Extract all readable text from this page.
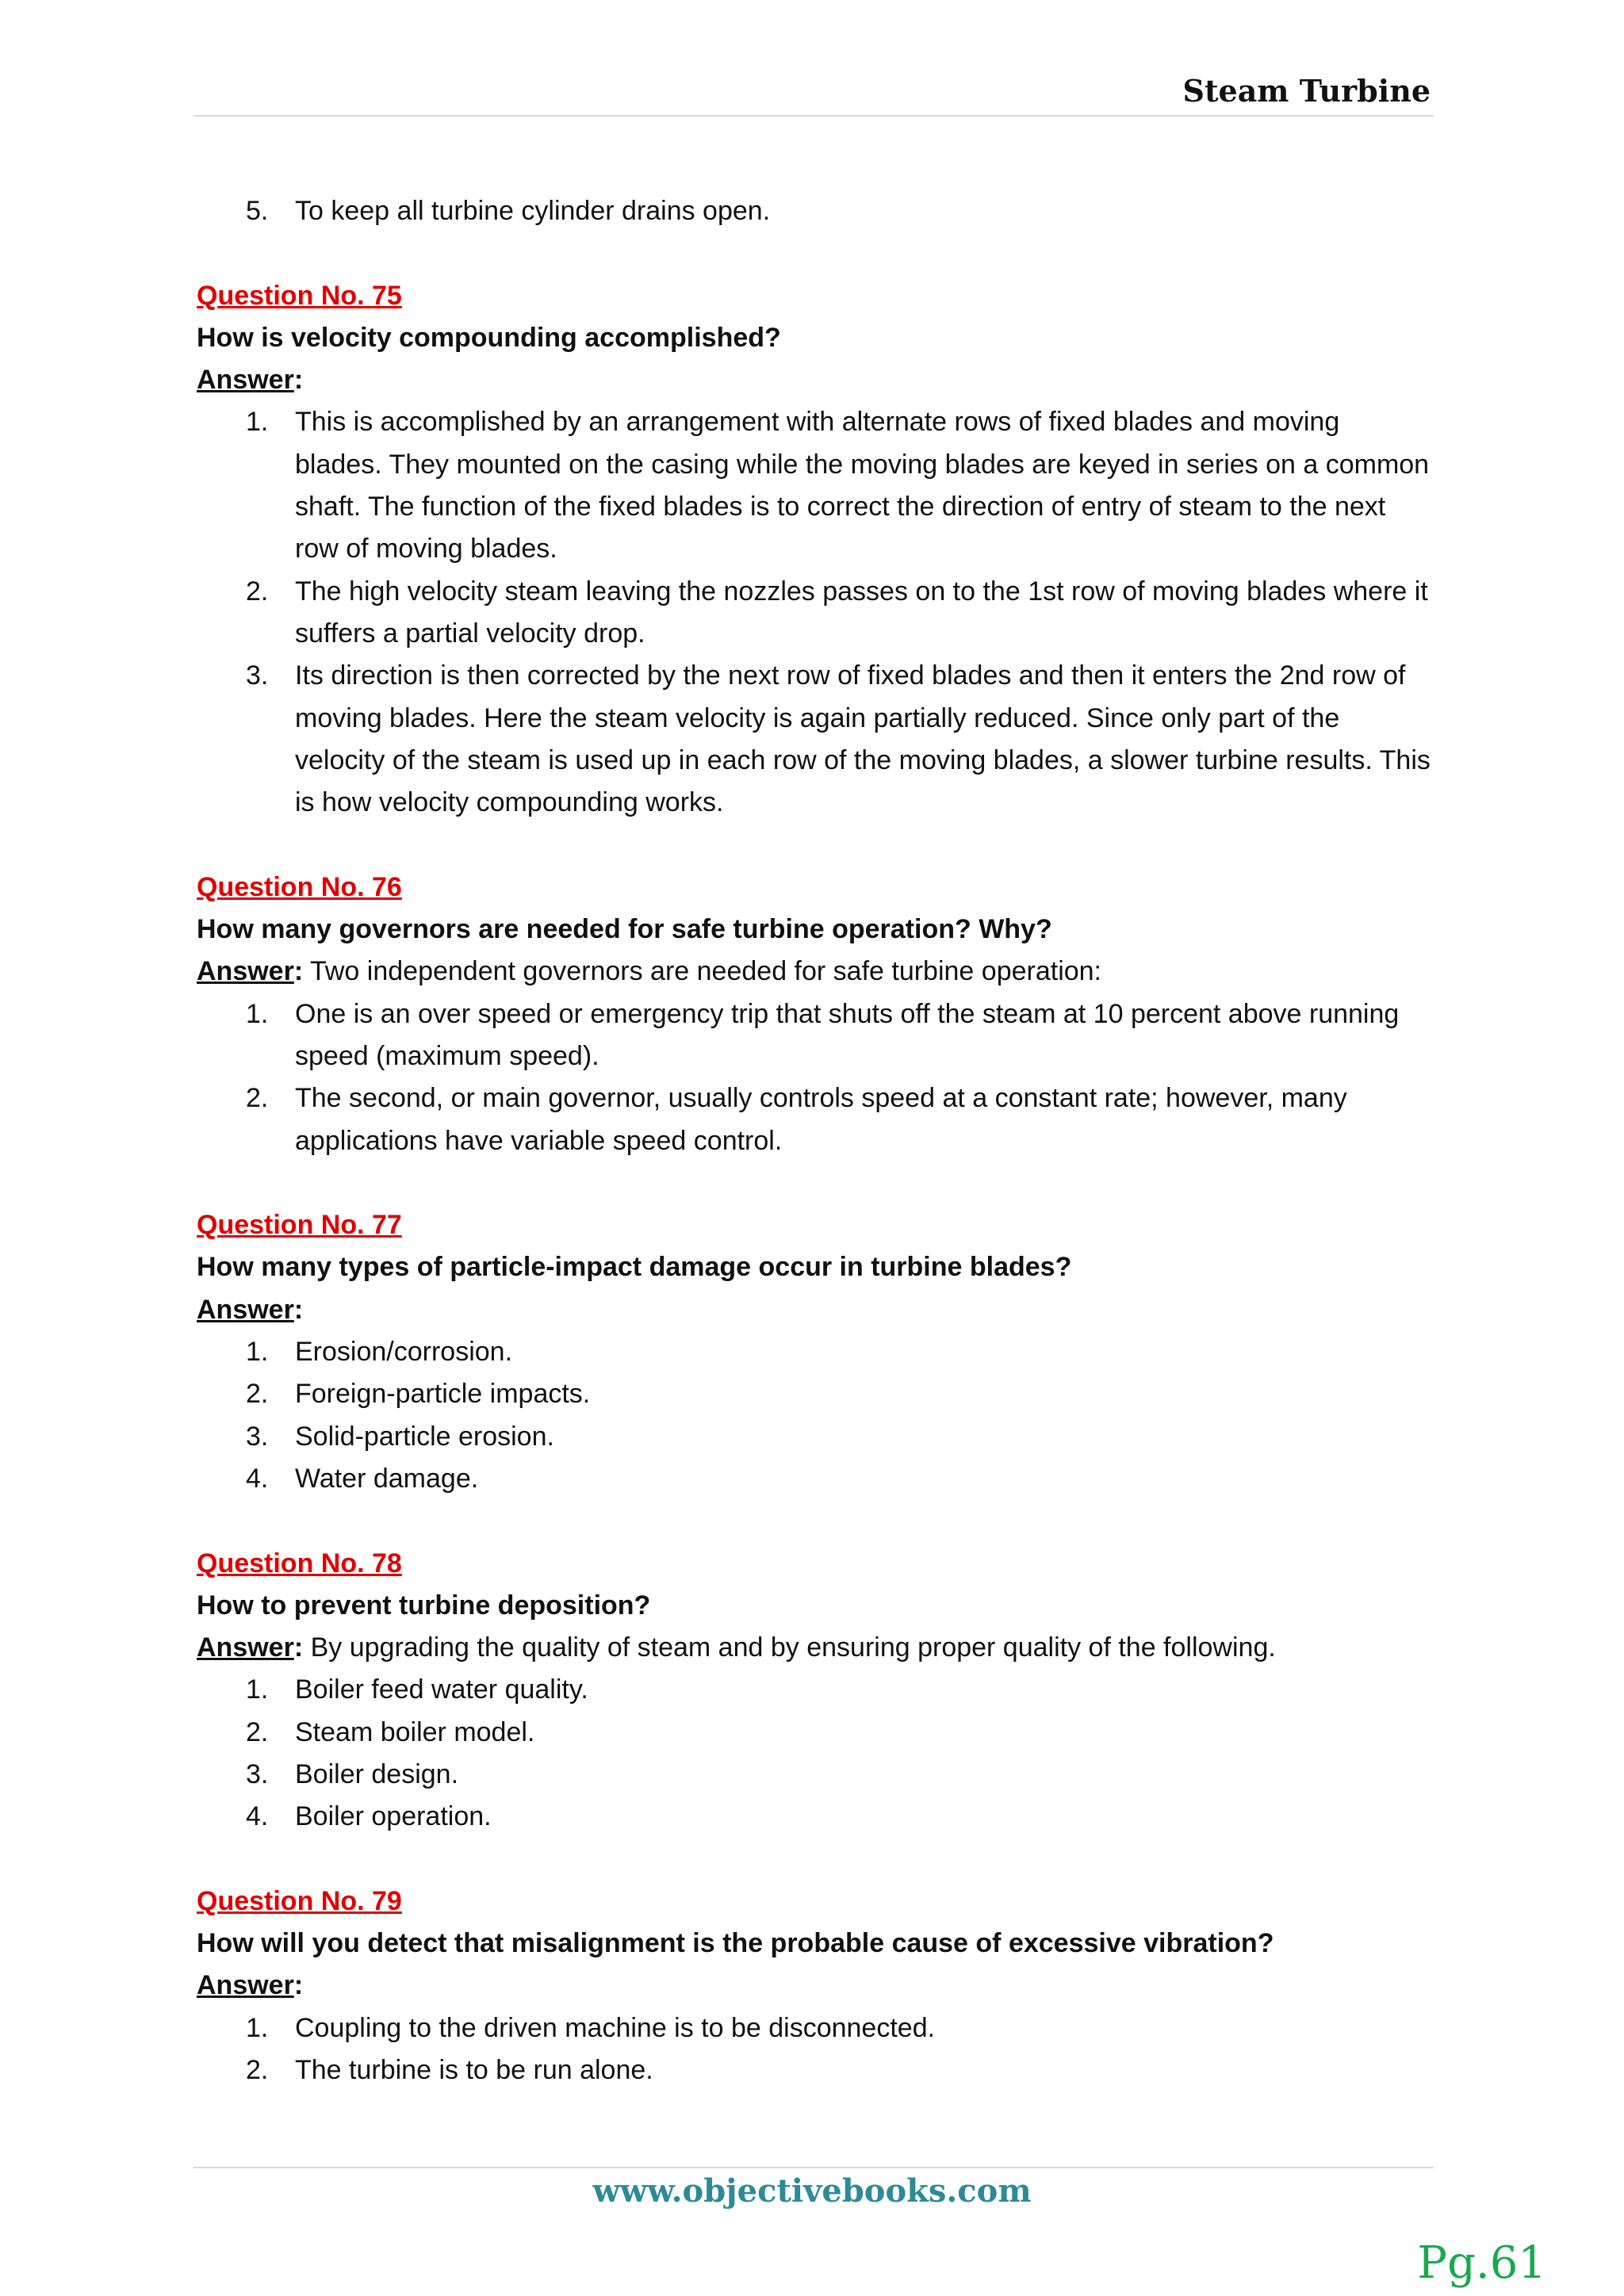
Steam Turbine
5. To keep all turbine cylinder drains open.
Question No. 75
How is velocity compounding accomplished?
Answer:
1. This is accomplished by an arrangement with alternate rows of fixed blades and moving blades. They mounted on the casing while the moving blades are keyed in series on a common shaft. The function of the fixed blades is to correct the direction of entry of steam to the next row of moving blades.
2. The high velocity steam leaving the nozzles passes on to the 1st row of moving blades where it suffers a partial velocity drop.
3. Its direction is then corrected by the next row of fixed blades and then it enters the 2nd row of moving blades. Here the steam velocity is again partially reduced. Since only part of the velocity of the steam is used up in each row of the moving blades, a slower turbine results. This is how velocity compounding works.
Question No. 76
How many governors are needed for safe turbine operation? Why?
Answer: Two independent governors are needed for safe turbine operation:
1. One is an over speed or emergency trip that shuts off the steam at 10 percent above running speed (maximum speed).
2. The second, or main governor, usually controls speed at a constant rate; however, many applications have variable speed control.
Question No. 77
How many types of particle-impact damage occur in turbine blades?
Answer:
1. Erosion/corrosion.
2. Foreign-particle impacts.
3. Solid-particle erosion.
4. Water damage.
Question No. 78
How to prevent turbine deposition?
Answer: By upgrading the quality of steam and by ensuring proper quality of the following.
1. Boiler feed water quality.
2. Steam boiler model.
3. Boiler design.
4. Boiler operation.
Question No. 79
How will you detect that misalignment is the probable cause of excessive vibration?
Answer:
1. Coupling to the driven machine is to be disconnected.
2. The turbine is to be run alone.
www.objectivebooks.com
Pg.61
